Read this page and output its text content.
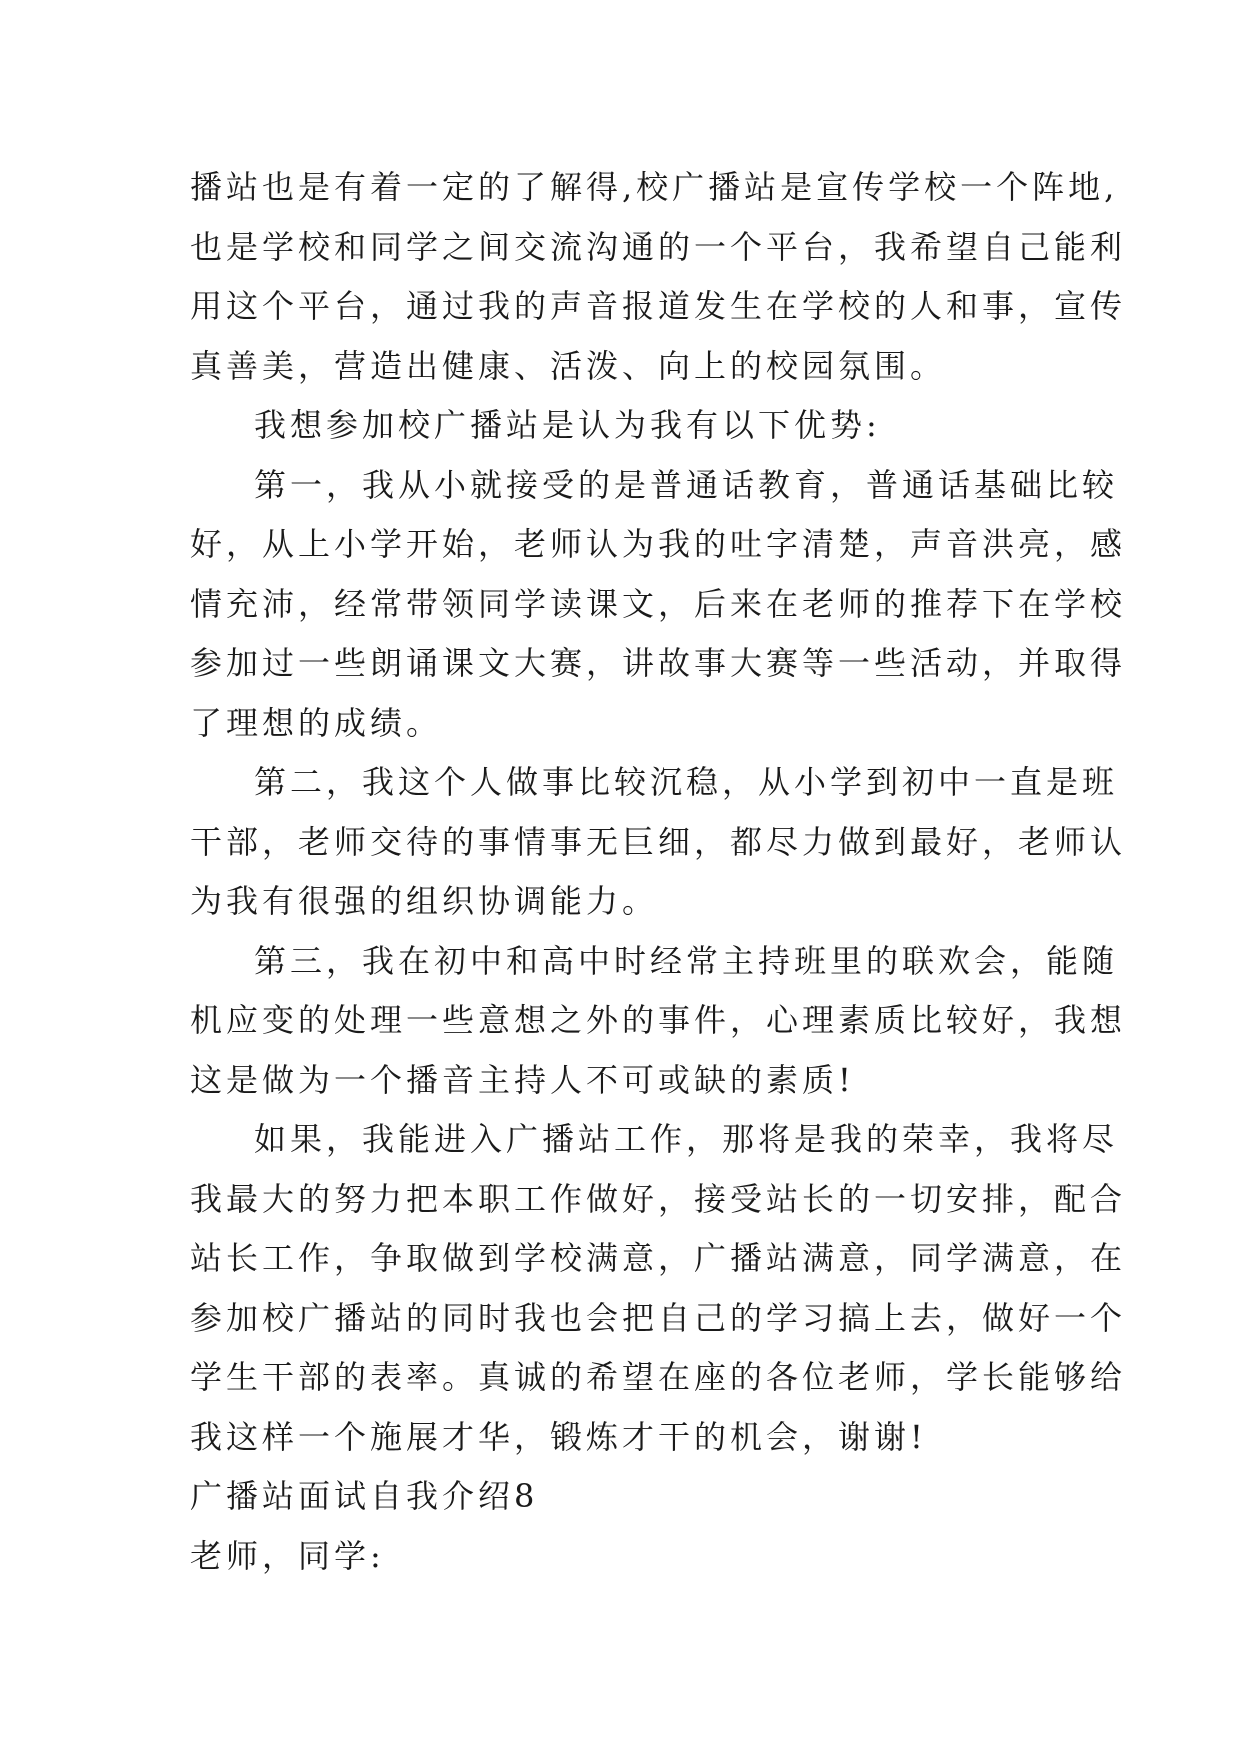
播站也是有着一定的了解得,校广播站是宣传学校一个阵地,
也是学校和同学之间交流沟通的一个平台，我希望自己能利
用这个平台，通过我的声音报道发生在学校的人和事，宣传
真善美，营造出健康、活泼、向上的校园氛围。
我想参加校广播站是认为我有以下优势:
第一，我从小就接受的是普通话教育，普通话基础比较
好，从上小学开始，老师认为我的吐字清楚，声音洪亮，感
情充沛，经常带领同学读课文，后来在老师的推荐下在学校
参加过一些朗诵课文大赛，讲故事大赛等一些活动，并取得
了理想的成绩。
第二，我这个人做事比较沉稳，从小学到初中一直是班
干部，老师交待的事情事无巨细，都尽力做到最好，老师认
为我有很强的组织协调能力。
第三，我在初中和高中时经常主持班里的联欢会，能随
机应变的处理一些意想之外的事件，心理素质比较好，我想
这是做为一个播音主持人不可或缺的素质!
如果，我能进入广播站工作，那将是我的荣幸，我将尽
我最大的努力把本职工作做好，接受站长的一切安排，配合
站长工作，争取做到学校满意，广播站满意，同学满意，在
参加校广播站的同时我也会把自己的学习搞上去，做好一个
学生干部的表率。真诚的希望在座的各位老师，学长能够给
我这样一个施展才华，锻炼才干的机会，谢谢!
广播站面试自我介绍8
老师，同学:
